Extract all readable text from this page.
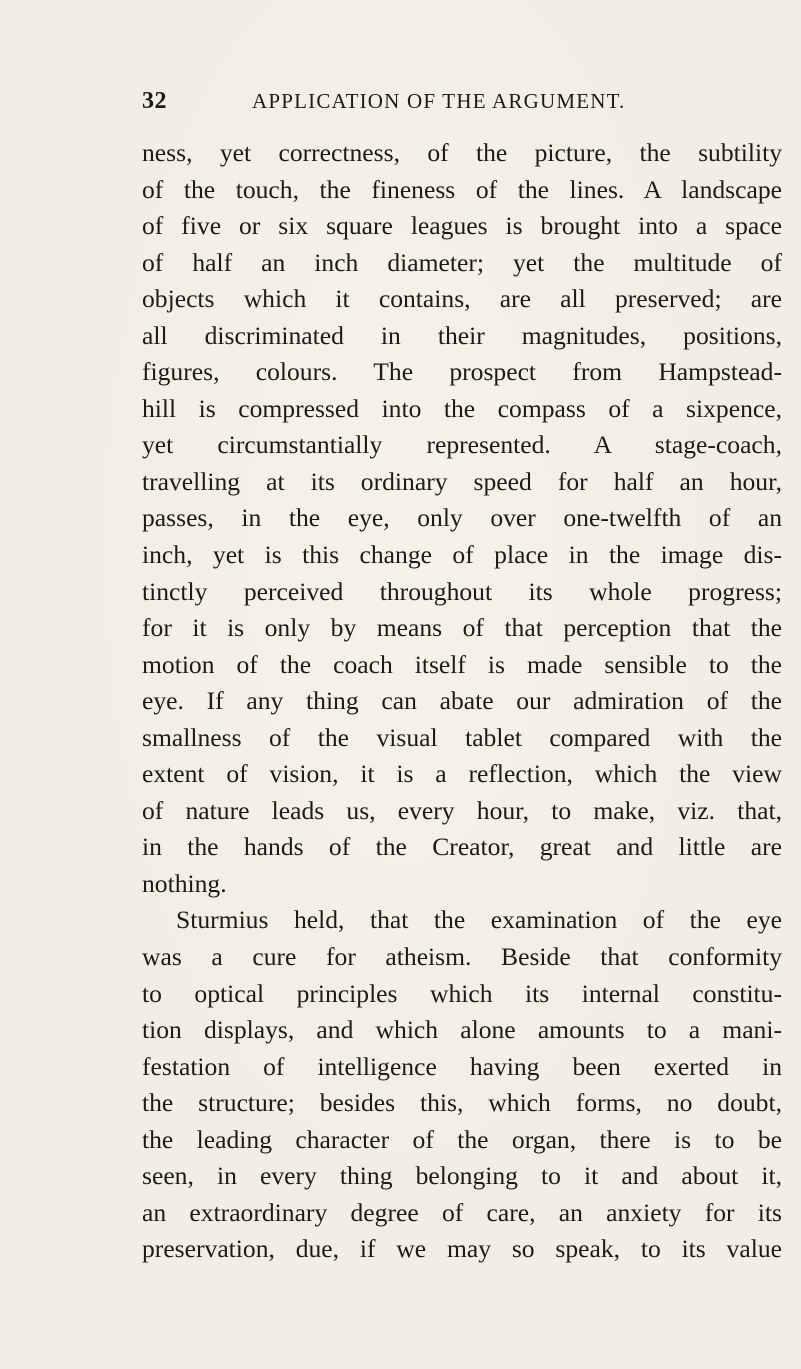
32	APPLICATION OF THE ARGUMENT.
ness, yet correctness, of the picture, the subtility
of the touch, the fineness of the lines. A landscape
of five or six square leagues is brought into a space
of half an inch diameter; yet the multitude of
objects which it contains, are all preserved; are
all discriminated in their magnitudes, positions,
figures, colours. The prospect from Hampstead-
hill is compressed into the compass of a sixpence,
yet circumstantially represented. A stage-coach,
travelling at its ordinary speed for half an hour,
passes, in the eye, only over one-twelfth of an
inch, yet is this change of place in the image dis-
tinctly perceived throughout its whole progress;
for it is only by means of that perception that the
motion of the coach itself is made sensible to the
eye. If any thing can abate our admiration of the
smallness of the visual tablet compared with the
extent of vision, it is a reflection, which the view
of nature leads us, every hour, to make, viz. that,
in the hands of the Creator, great and little are
nothing.
Sturmius held, that the examination of the eye
was a cure for atheism. Beside that conformity
to optical principles which its internal constitu-
tion displays, and which alone amounts to a mani-
festation of intelligence having been exerted in
the structure; besides this, which forms, no doubt,
the leading character of the organ, there is to be
seen, in every thing belonging to it and about it,
an extraordinary degree of care, an anxiety for its
preservation, due, if we may so speak, to its value
